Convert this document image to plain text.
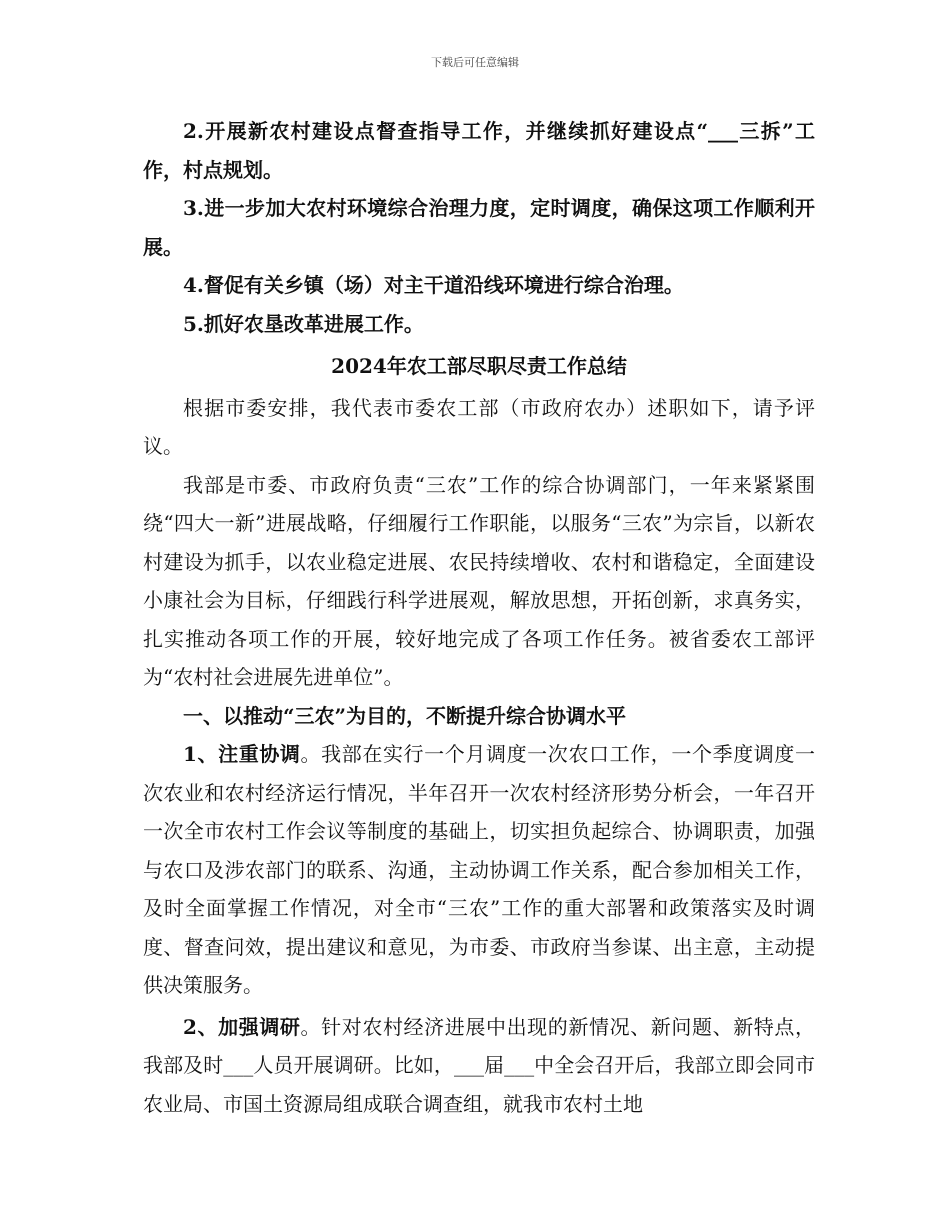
下载后可任意编辑

2.开展新农村建设点督查指导工作，并继续抓好建设点“___三拆”工作，村点规划。

3.进一步加大农村环境综合治理力度，定时调度，确保这项工作顺利开展。

4.督促有关乡镇（场）对主干道沿线环境进行综合治理。

5.抓好农垦改革进展工作。

2024年农工部尽职尽责工作总结

根据市委安排，我代表市委农工部（市政府农办）述职如下，请予评议。

我部是市委、市政府负责“三农”工作的综合协调部门，一年来紧紧围绕“四大一新”进展战略，仔细履行工作职能，以服务“三农”为宗旨，以新农村建设为抓手，以农业稳定进展、农民持续增收、农村和谐稳定，全面建设小康社会为目标，仔细践行科学进展观，解放思想，开拓创新，求真务实，扎实推动各项工作的开展，较好地完成了各项工作任务。被省委农工部评为“农村社会进展先进单位”。

一、以推动“三农”为目的，不断提升综合协调水平

1、注重协调。我部在实行一个月调度一次农口工作，一个季度调度一次农业和农村经济运行情况，半年召开一次农村经济形势分析会，一年召开一次全市农村工作会议等制度的基础上，切实担负起综合、协调职责，加强与农口及涉农部门的联系、沟通，主动协调工作关系，配合参加相关工作，及时全面掌握工作情况，对全市“三农”工作的重大部署和政策落实及时调度、督查问效，提出建议和意见，为市委、市政府当参谋、出主意，主动提供决策服务。

2、加强调研。针对农村经济进展中出现的新情况、新问题、新特点，我部及时___人员开展调研。比如，___届___中全会召开后，我部立即会同市农业局、市国土资源局组成联合调查组，就我市农村土地
